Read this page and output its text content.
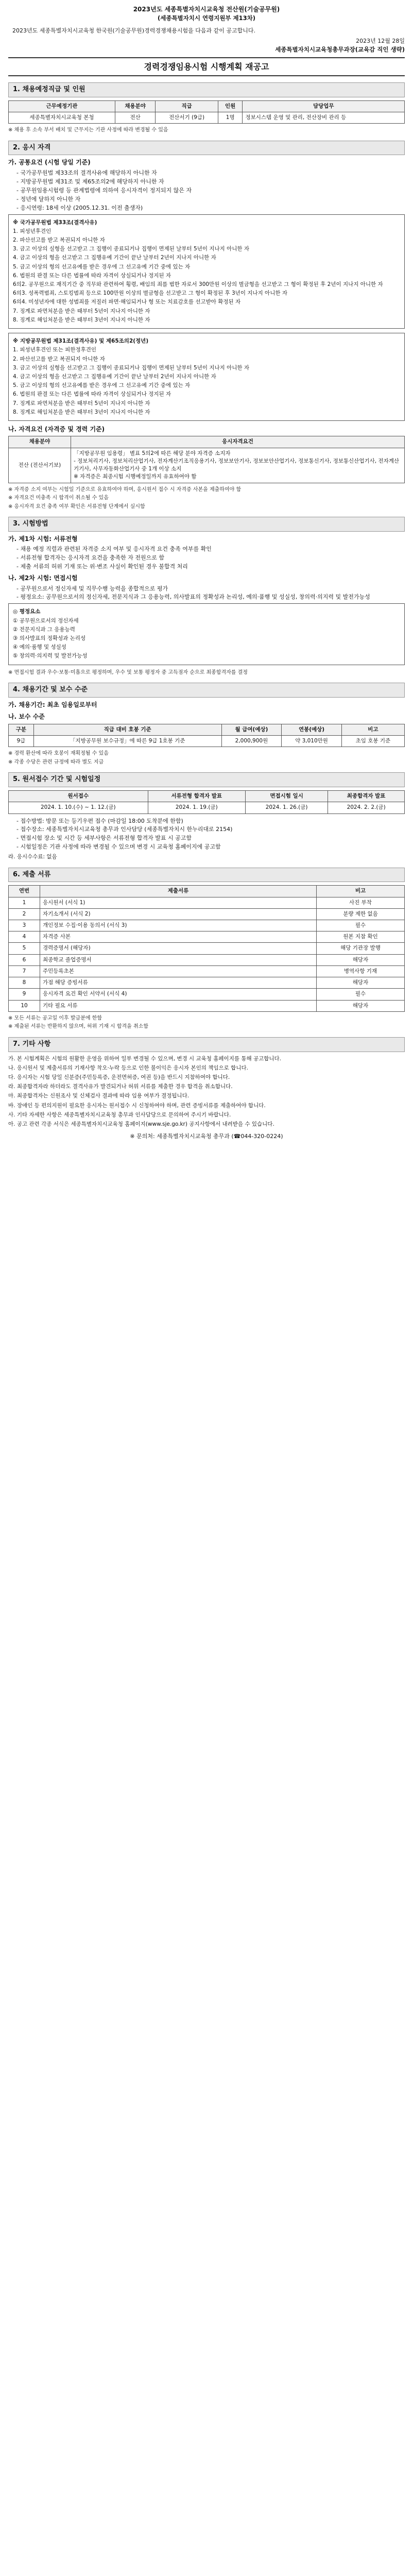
2023년도 세종특별자치시교육청 전산원(기술공무원)
(세종특별자치시 연령지원부 제13차)
2023년도 세종특별자치시교육청 한국원(기술공무원)경력경쟁채용시험을 다음과 같이 공고합니다.
2023년 12월 28일
세종특별자치시교육청총무과장(교육감 직인 생략)
경력경쟁임용시험 시행계획 재공고
1. 채용예정직급 및 인원
근무예정기관	채용분야	직급	인원	담당업무
세종특별자치시교육청 본청	전산	전산서기 (9급)	1명	정보시스템 운영 및 관리, 전산장비 관리 등
※ 채용 후 소속 부서 배치 및 근무지는 기관 사정에 따라 변경될 수 있음
2. 응시 자격
가. 공통요건 (시험 당일 기준)
- 국가공무원법 제33조의 결격사유에 해당하지 아니한 자
- 지방공무원법 제31조 및 제65조의2에 해당하지 아니한 자
- 공무원임용시험령 등 관계법령에 의하여 응시자격이 정지되지 않은 자
- 정년에 달하지 아니한 자
- 응시연령: 18세 이상 (2005.12.31. 이전 출생자)

※ 국가공무원법 제33조(결격사유)

1. 피성년후견인

2. 파산선고를 받고 복권되지 아니한 자

3. 금고 이상의 실형을 선고받고 그 집행이 종료되거나 집행이 면제된 날부터 5년이 지나지 아니한 자

4. 금고 이상의 형을 선고받고 그 집행유예 기간이 끝난 날부터 2년이 지나지 아니한 자

5. 금고 이상의 형의 선고유예를 받은 경우에 그 선고유예 기간 중에 있는 자

6. 법원의 판결 또는 다른 법률에 따라 자격이 상실되거나 정지된 자

6의2. 공무원으로 재직기간 중 직무와 관련하여 횡령, 배임의 죄를 범한 자로서 300만원 이상의 벌금형을 선고받고 그 형이 확정된 후 2년이 지나지 아니한 자

6의3. 성폭력범죄, 스토킹범죄 등으로 100만원 이상의 벌금형을 선고받고 그 형이 확정된 후 3년이 지나지 아니한 자

6의4. 미성년자에 대한 성범죄를 저질러 파면·해임되거나 형 또는 치료감호를 선고받아 확정된 자

7. 징계로 파면처분을 받은 때부터 5년이 지나지 아니한 자

8. 징계로 해임처분을 받은 때부터 3년이 지나지 아니한 자

※ 지방공무원법 제31조(결격사유) 및 제65조의2(정년)

1. 피성년후견인 또는 피한정후견인

2. 파산선고를 받고 복권되지 아니한 자

3. 금고 이상의 실형을 선고받고 그 집행이 종료되거나 집행이 면제된 날부터 5년이 지나지 아니한 자

4. 금고 이상의 형을 선고받고 그 집행유예 기간이 끝난 날부터 2년이 지나지 아니한 자

5. 금고 이상의 형의 선고유예를 받은 경우에 그 선고유예 기간 중에 있는 자

6. 법원의 판결 또는 다른 법률에 따라 자격이 상실되거나 정지된 자

7. 징계로 파면처분을 받은 때부터 5년이 지나지 아니한 자

8. 징계로 해임처분을 받은 때부터 3년이 지나지 아니한 자

나. 자격요건 (자격증 및 경력 기준)
채용분야	응시자격요건
전산 (전산서기보)	「지방공무원 임용령」 별표 5의2에 따른 해당 분야 자격증 소지자
- 정보처리기사, 정보처리산업기사, 전자계산기조직응용기사, 정보보안기사, 정보보안산업기사, 정보통신기사, 정보통신산업기사, 전자계산기기사, 사무자동화산업기사 중 1개 이상 소지
※ 자격증은 최종시험 시행예정일까지 유효하여야 함
※ 자격증 소지 여부는 시험일 기준으로 유효하여야 하며, 응시원서 접수 시 자격증 사본을 제출하여야 함
※ 자격요건 미충족 시 합격이 취소될 수 있음
※ 응시자격 요건 충족 여부 확인은 서류전형 단계에서 실시함
3. 시험방법
가. 제1차 시험: 서류전형
- 채용 예정 직렬과 관련된 자격증 소지 여부 및 응시자격 요건 충족 여부를 확인
- 서류전형 합격자는 응시자격 요건을 충족한 자 전원으로 함
- 제출 서류의 허위 기재 또는 위·변조 사실이 확인된 경우 불합격 처리
나. 제2차 시험: 면접시험
- 공무원으로서 정신자세 및 직무수행 능력을 종합적으로 평가
- 평정요소: 공무원으로서의 정신자세, 전문지식과 그 응용능력, 의사발표의 정확성과 논리성, 예의·품행 및 성실성, 창의력·의지력 및 발전가능성

◎ 평정요소

① 공무원으로서의 정신자세

② 전문지식과 그 응용능력

③ 의사발표의 정확성과 논리성

④ 예의·품행 및 성실성

⑤ 창의력·의지력 및 발전가능성

※ 면접시험 결과 우수·보통·미흡으로 평정하며, 우수 및 보통 평정자 중 고득점자 순으로 최종합격자를 결정
4. 채용기간 및 보수 수준
가. 채용기간: 최초 임용일로부터
나. 보수 수준
구분	직급 대비 호봉 기준	월 급여(예상)	연봉(예상)	비고
9급	「지방공무원 보수규정」에 따른 9급 1호봉 기준	2,000,900원	약 3,010만원	초임 호봉 기준
※ 경력 환산에 따라 호봉이 재획정될 수 있음
※ 각종 수당은 관련 규정에 따라 별도 지급
5. 원서접수 기간 및 시험일정
원서접수	서류전형 합격자 발표	면접시험 일시	최종합격자 발표
2024. 1. 10.(수) ~ 1. 12.(금)	2024. 1. 19.(금)	2024. 1. 26.(금)	2024. 2. 2.(금)
- 접수방법: 방문 또는 등기우편 접수 (마감일 18:00 도착분에 한함)
- 접수장소: 세종특별자치시교육청 총무과 인사담당 (세종특별자치시 한누리대로 2154)
- 면접시험 장소 및 시간 등 세부사항은 서류전형 합격자 발표 시 공고함
- 시험일정은 기관 사정에 따라 변경될 수 있으며 변경 시 교육청 홈페이지에 공고함
라. 응시수수료: 없음
6. 제출 서류
연번	제출서류	비고
1	응시원서 (서식 1)	사진 부착
2	자기소개서 (서식 2)	분량 제한 없음
3	개인정보 수집·이용 동의서 (서식 3)	필수
4	자격증 사본	원본 지참 확인
5	경력증명서 (해당자)	해당 기관장 발행
6	최종학교 졸업증명서	해당자
7	주민등록초본	병역사항 기재
8	가점 해당 증빙서류	해당자
9	응시자격 요건 확인 서약서 (서식 4)	필수
10	기타 필요 서류	해당자
※ 모든 서류는 공고일 이후 발급분에 한함
※ 제출된 서류는 반환하지 않으며, 허위 기재 시 합격을 취소함
7. 기타 사항
가. 본 시험계획은 시험의 원활한 운영을 위하여 일부 변경될 수 있으며, 변경 시 교육청 홈페이지를 통해 공고합니다.
나. 응시원서 및 제출서류의 기재사항 착오·누락 등으로 인한 불이익은 응시자 본인의 책임으로 합니다.
다. 응시자는 시험 당일 신분증(주민등록증, 운전면허증, 여권 등)을 반드시 지참하여야 합니다.
라. 최종합격자라 하더라도 결격사유가 발견되거나 허위 서류를 제출한 경우 합격을 취소합니다.
마. 최종합격자는 신원조사 및 신체검사 결과에 따라 임용 여부가 결정됩니다.
바. 장애인 등 편의지원이 필요한 응시자는 원서접수 시 신청하여야 하며, 관련 증빙서류를 제출하여야 합니다.
사. 기타 자세한 사항은 세종특별자치시교육청 총무과 인사담당으로 문의하여 주시기 바랍니다.
아. 공고 관련 각종 서식은 세종특별자치시교육청 홈페이지(www.sje.go.kr) 공지사항에서 내려받을 수 있습니다.
※ 문의처: 세종특별자치시교육청 총무과 (☎044-320-0224)
